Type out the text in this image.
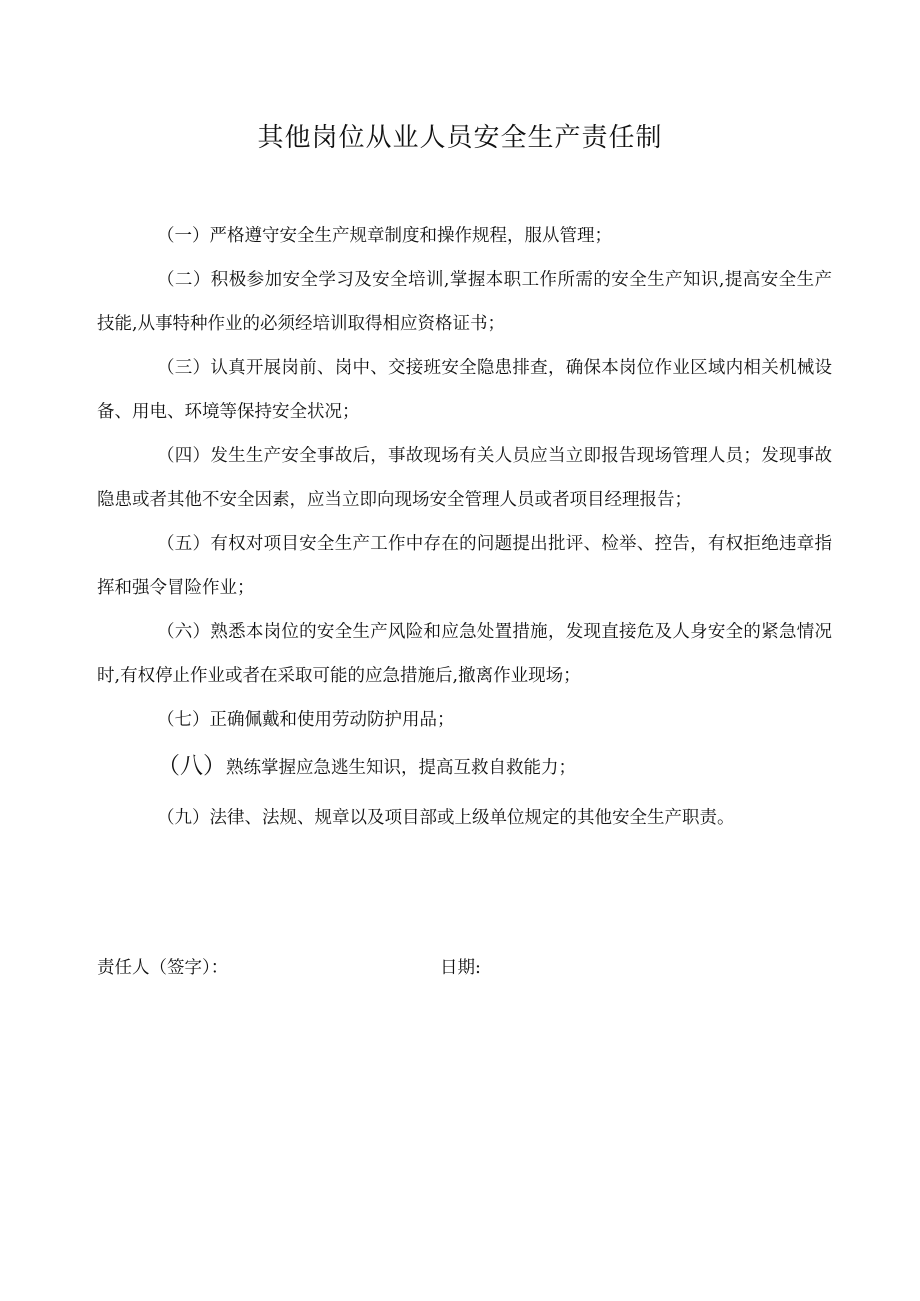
其他岗位从业人员安全生产责任制

（一）严格遵守安全生产规章制度和操作规程，服从管理；

（二）积极参加安全学习及安全培训,掌握本职工作所需的安全生产知识,提高安全生产技能,从事特种作业的必须经培训取得相应资格证书；

（三）认真开展岗前、岗中、交接班安全隐患排查，确保本岗位作业区域内相关机械设备、用电、环境等保持安全状况；

（四）发生生产安全事故后，事故现场有关人员应当立即报告现场管理人员；发现事故隐患或者其他不安全因素，应当立即向现场安全管理人员或者项目经理报告；

（五）有权对项目安全生产工作中存在的问题提出批评、检举、控告，有权拒绝违章指挥和强令冒险作业；

（六）熟悉本岗位的安全生产风险和应急处置措施，发现直接危及人身安全的紧急情况时,有权停止作业或者在采取可能的应急措施后,撤离作业现场；

（七）正确佩戴和使用劳动防护用品；

（八）熟练掌握应急逃生知识，提高互救自救能力；

（九）法律、法规、规章以及项目部或上级单位规定的其他安全生产职责。

责任人（签字）：	日期:
